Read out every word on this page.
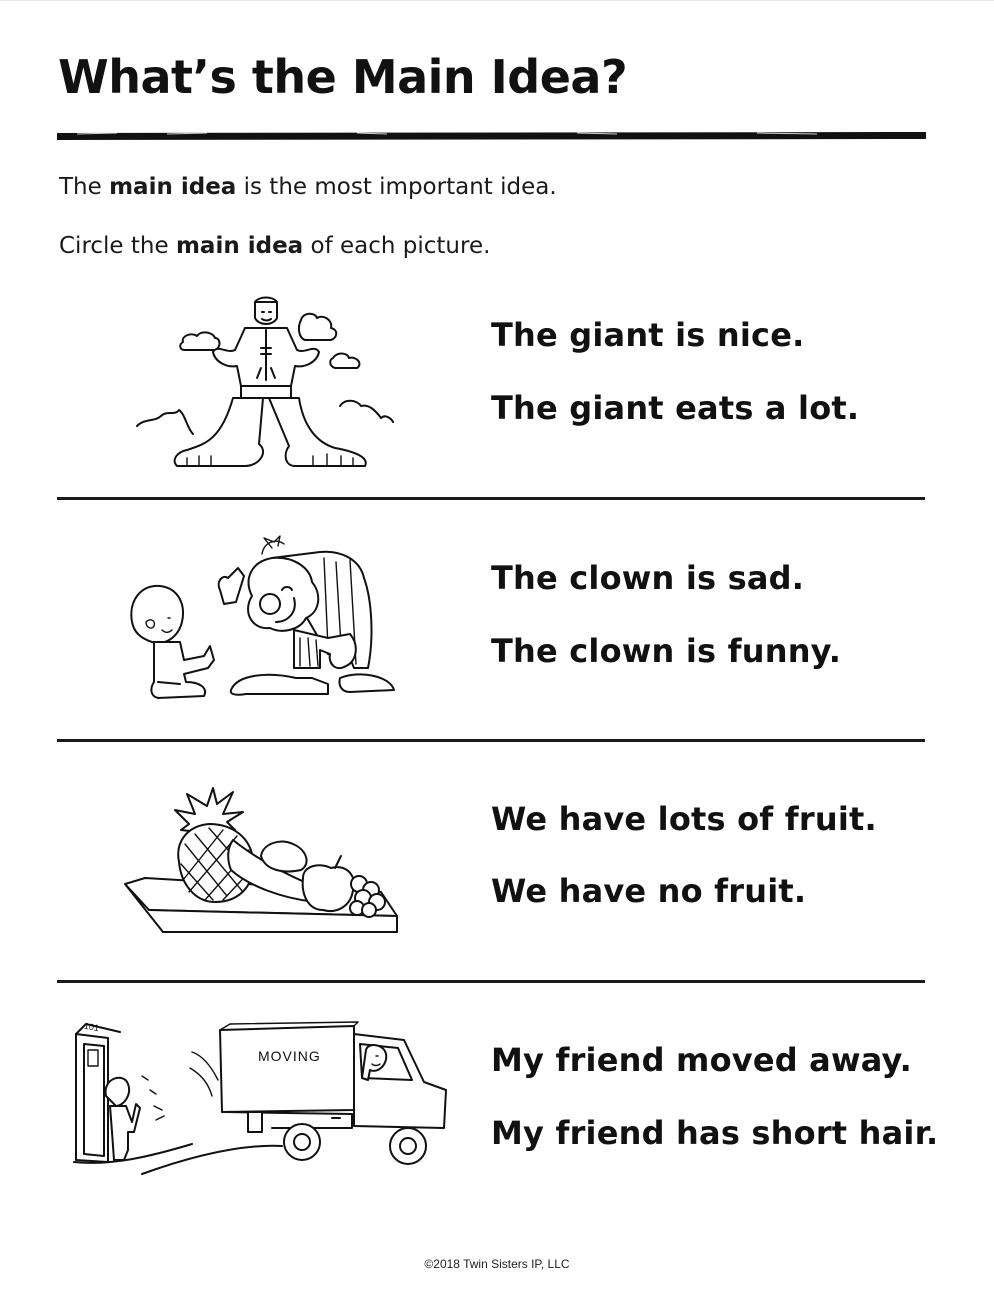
What’s the Main Idea?
The main idea is the most important idea.
Circle the main idea of each picture.
The giant is nice.
The giant eats a lot.
The clown is sad.
The clown is funny.
We have lots of fruit.
We have no fruit.
MOVING
101
My friend moved away.
My friend has short hair.
©2018 Twin Sisters IP, LLC
